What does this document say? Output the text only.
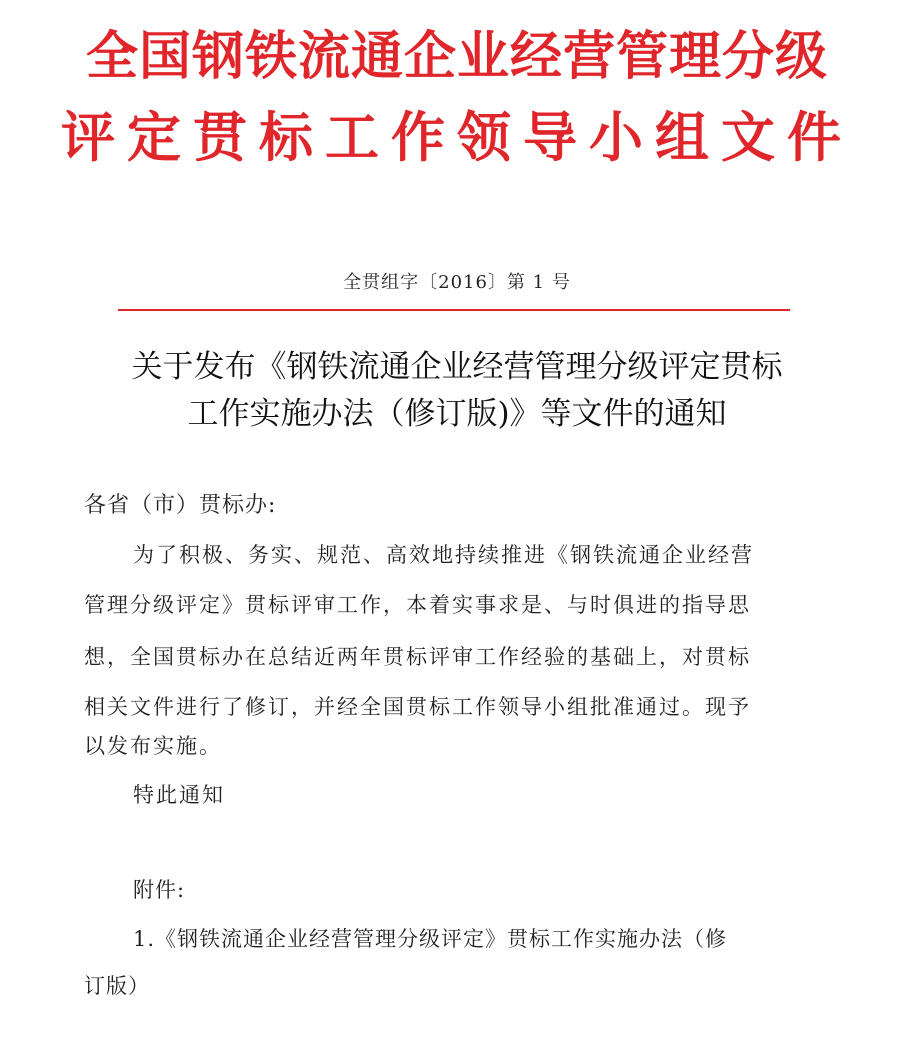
全国钢铁流通企业经营管理分级
评定贯标工作领导小组文件
全贯组字〔2016〕第 1 号
关于发布《钢铁流通企业经营管理分级评定贯标
工作实施办法（修订版)》等文件的通知
各省（市）贯标办:
为了积极、务实、规范、高效地持续推进《钢铁流通企业经营
管理分级评定》贯标评审工作，本着实事求是、与时俱进的指导思
想，全国贯标办在总结近两年贯标评审工作经验的基础上，对贯标
相关文件进行了修订，并经全国贯标工作领导小组批准通过。现予
以发布实施。
特此通知
附件:
1.《钢铁流通企业经营管理分级评定》贯标工作实施办法（修
订版）
